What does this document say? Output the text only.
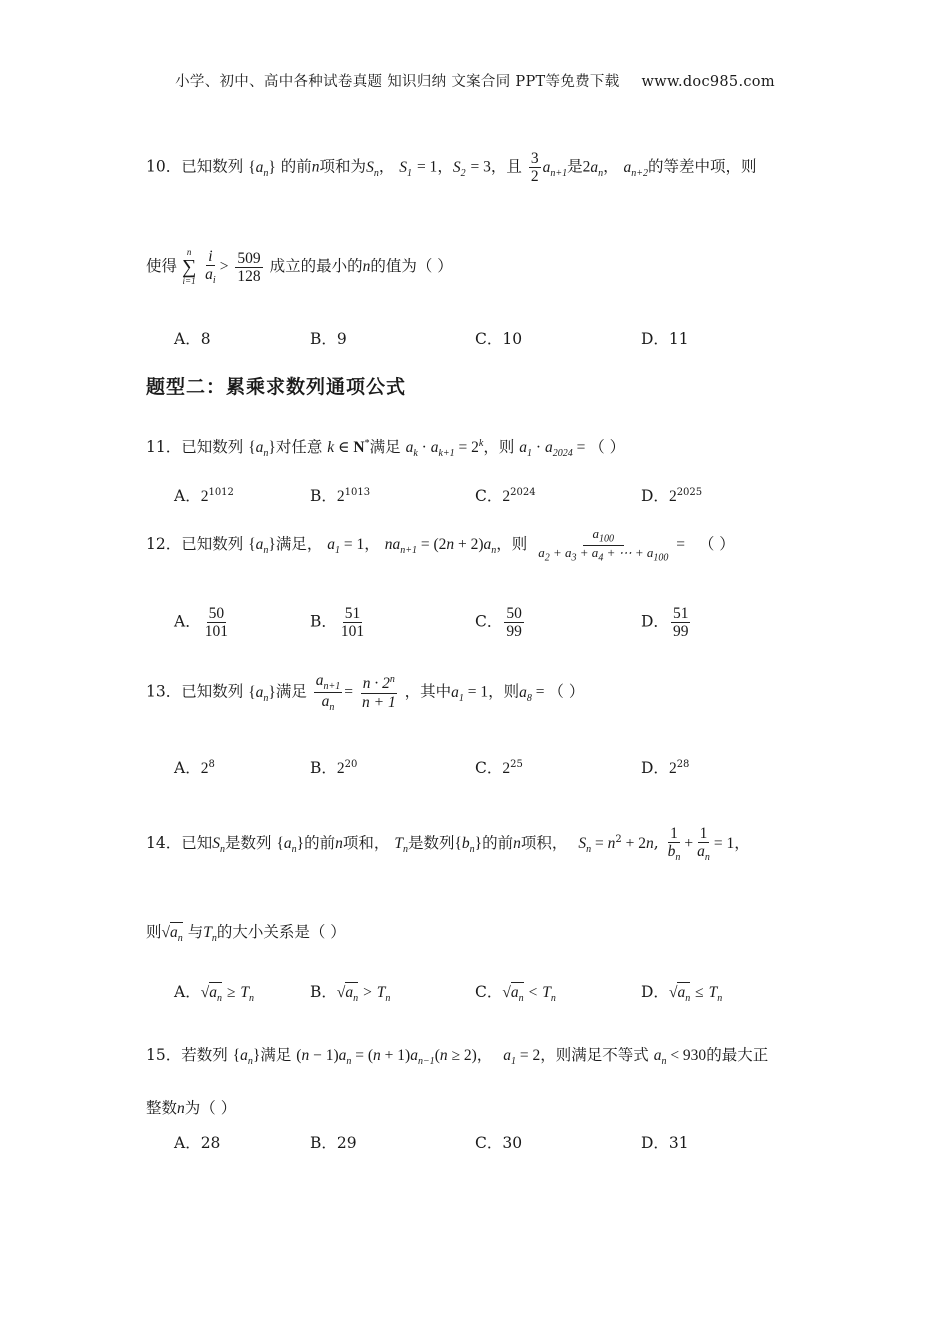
小学、初中、高中各种试卷真题 知识归纳 文案合同 PPT等免费下载 www.doc985.com
10．已知数列 $\{a_n\}$ 的前n项和为$S_n$， $S_1 = 1$，$S_2 = 3$，且 $\frac{3}{2} a_{n+1}$是$2a_n$， $a_{n+2}$的等差中项，则
使得
n
∑
i=1
$\frac{i}{a_i} > \frac{509}{128}$ 成立的最小的n的值为（ ）
A．8	B．9	C．10	D．11
题型二：累乘求数列通项公式
11．已知数列 $\{a_n\}$对任意 k ∈ N*满足 $a_k \cdot a_{k+1} = 2^k$，则 $a_1 \cdot a_{2024}$ = （ ）
A．$2^{1012}$	B．$2^{1013}$	C．$2^{2024}$	D．$2^{2025}$
12．已知数列 $\{a_n\}$满足， $a_1 = 1$， $na_{n+1} = (2n + 2)a_n$，则 $\frac{a_{100}}{a_2 + a_3 + a_4 + \cdots + a_{100}}$ = （ ）
A． $\frac{50}{101}$	B． $\frac{51}{101}$	C． $\frac{50}{99}$	D． $\frac{51}{99}$
13．已知数列 $\{a_n\}$满足 $\frac{a_{n+1}}{a_n} = \frac{n \cdot 2^n}{n + 1}$ ，其中$a_1 = 1$，则$a_8$ = （ ）
A．$2^8$	B．$2^{20}$	C．$2^{25}$	D．$2^{28}$
14．已知$S_n$是数列 $\{a_n\}$的前n项和， $T_n$是数列$\{b_n\}$的前n项积， $S_n = n^2 + 2n$, $\frac{1}{b_n} + \frac{1}{a_n} = 1$，
则$√a_n$ 与$T_n$的大小关系是（ ）
A．$√a_n \ge T_n$	B．$√a_n > T_n$	C．$√a_n < T_n$	D．$√a_n \le T_n$
15．若数列 $\{a_n\}$满足 $(n - 1)a_n = (n + 1)a_{n-1}(n \ge 2)$， $a_1 = 2$，则满足不等式 $a_n < 930$的最大正
整数n为（ ）
A．28	B．29	C．30	D．31
